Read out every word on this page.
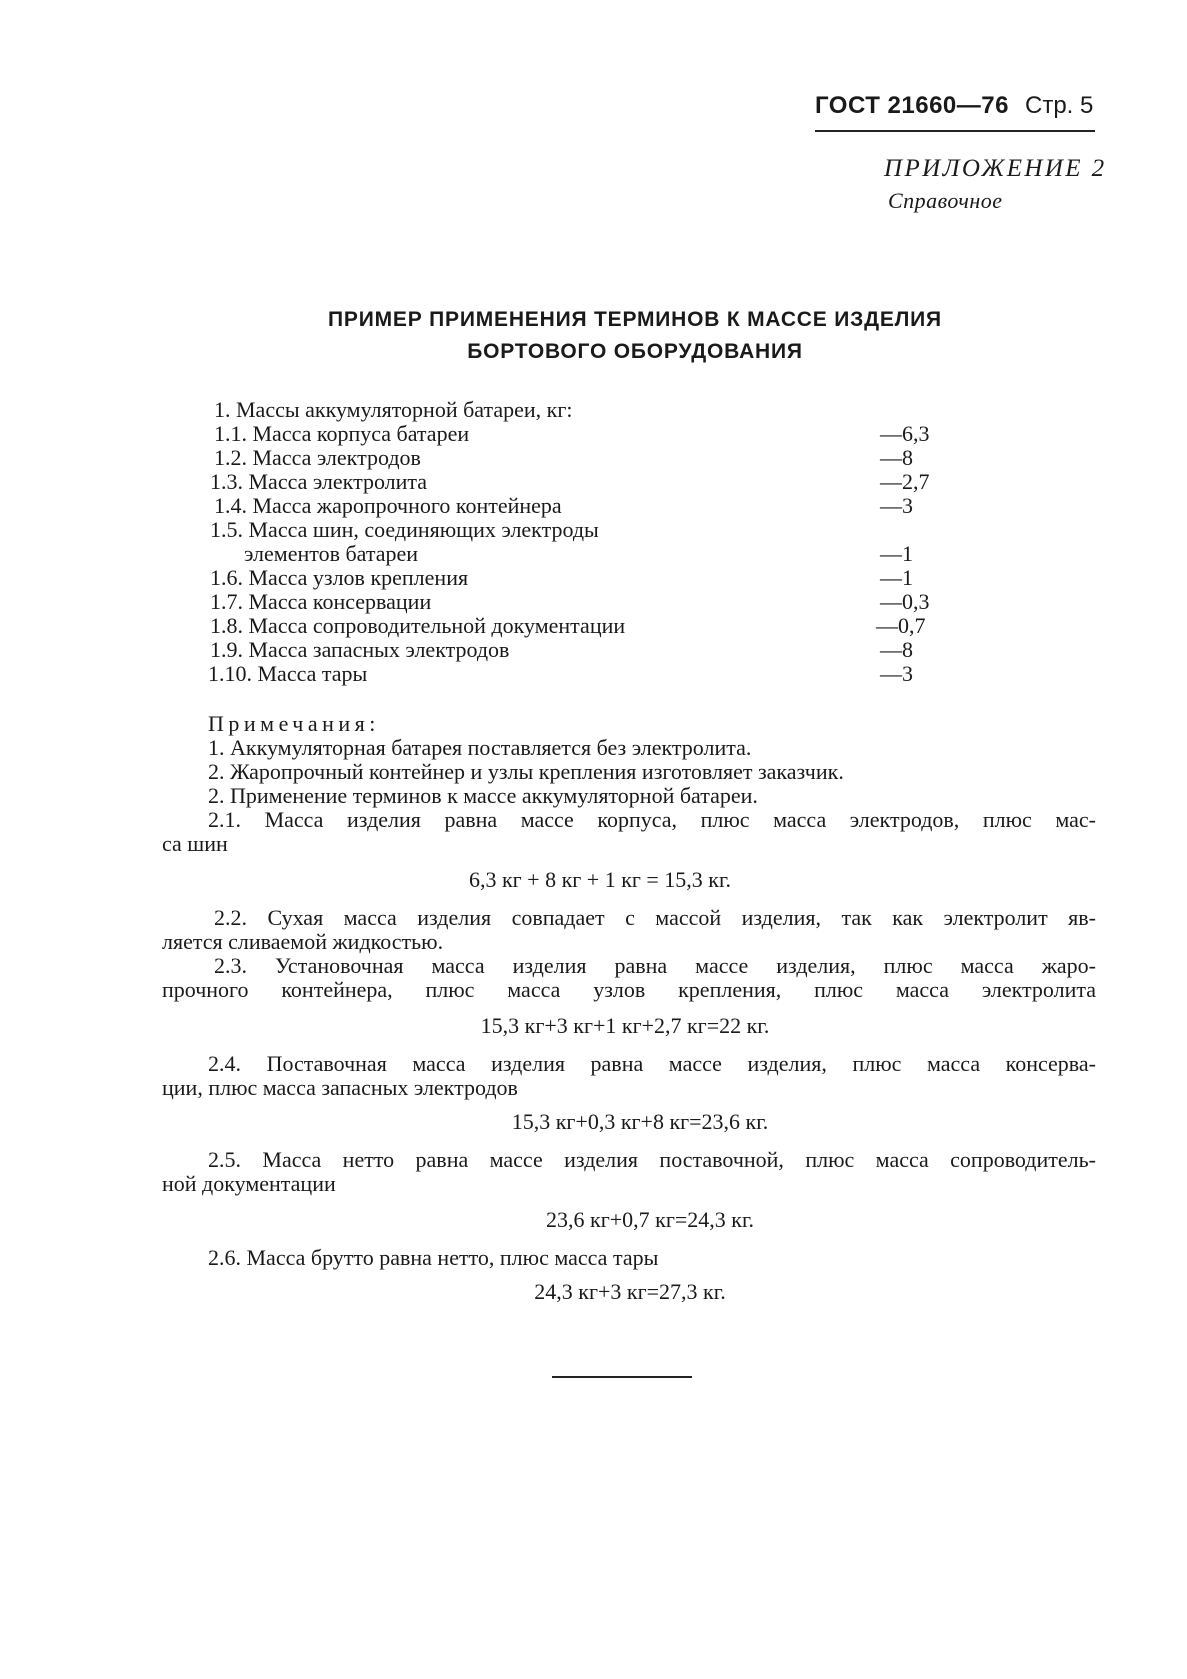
ГОСТ 21660—76 Стр. 5
ПРИЛОЖЕНИЕ 2
Справочное
ПРИМЕР ПРИМЕНЕНИЯ ТЕРМИНОВ К МАССЕ ИЗДЕЛИЯ
БОРТОВОГО ОБОРУДОВАНИЯ
1. Массы аккумуляторной батареи, кг:
1.1. Масса корпуса батареи	—6,3
1.2. Масса электродов	—8
1.3. Масса электролита	—2,7
1.4. Масса жаропрочного контейнера	—3
1.5. Масса шин, соединяющих электроды
элементов батареи	—1
1.6. Масса узлов крепления	—1
1.7. Масса консервации	—0,3
1.8. Масса сопроводительной документации	—0,7
1.9. Масса запасных электродов	—8
1.10. Масса тары	—3
Примечания:
1. Аккумуляторная батарея поставляется без электролита.
2. Жаропрочный контейнер и узлы крепления изготовляет заказчик.
2. Применение терминов к массе аккумуляторной батареи.
2.1. Масса изделия равна массе корпуса, плюс масса электродов, плюс мас-
са шин
6,3 кг + 8 кг + 1 кг = 15,3 кг.
2.2. Сухая масса изделия совпадает с массой изделия, так как электролит яв-
ляется сливаемой жидкостью.
2.3. Установочная масса изделия равна массе изделия, плюс масса жаро-
прочного контейнера, плюс масса узлов крепления, плюс масса электролита
15,3 кг+3 кг+1 кг+2,7 кг=22 кг.
2.4. Поставочная масса изделия равна массе изделия, плюс масса консерва-
ции, плюс масса запасных электродов
15,3 кг+0,3 кг+8 кг=23,6 кг.
2.5. Масса нетто равна массе изделия поставочной, плюс масса сопроводитель-
ной документации
23,6 кг+0,7 кг=24,3 кг.
2.6. Масса брутто равна нетто, плюс масса тары
24,3 кг+3 кг=27,3 кг.
